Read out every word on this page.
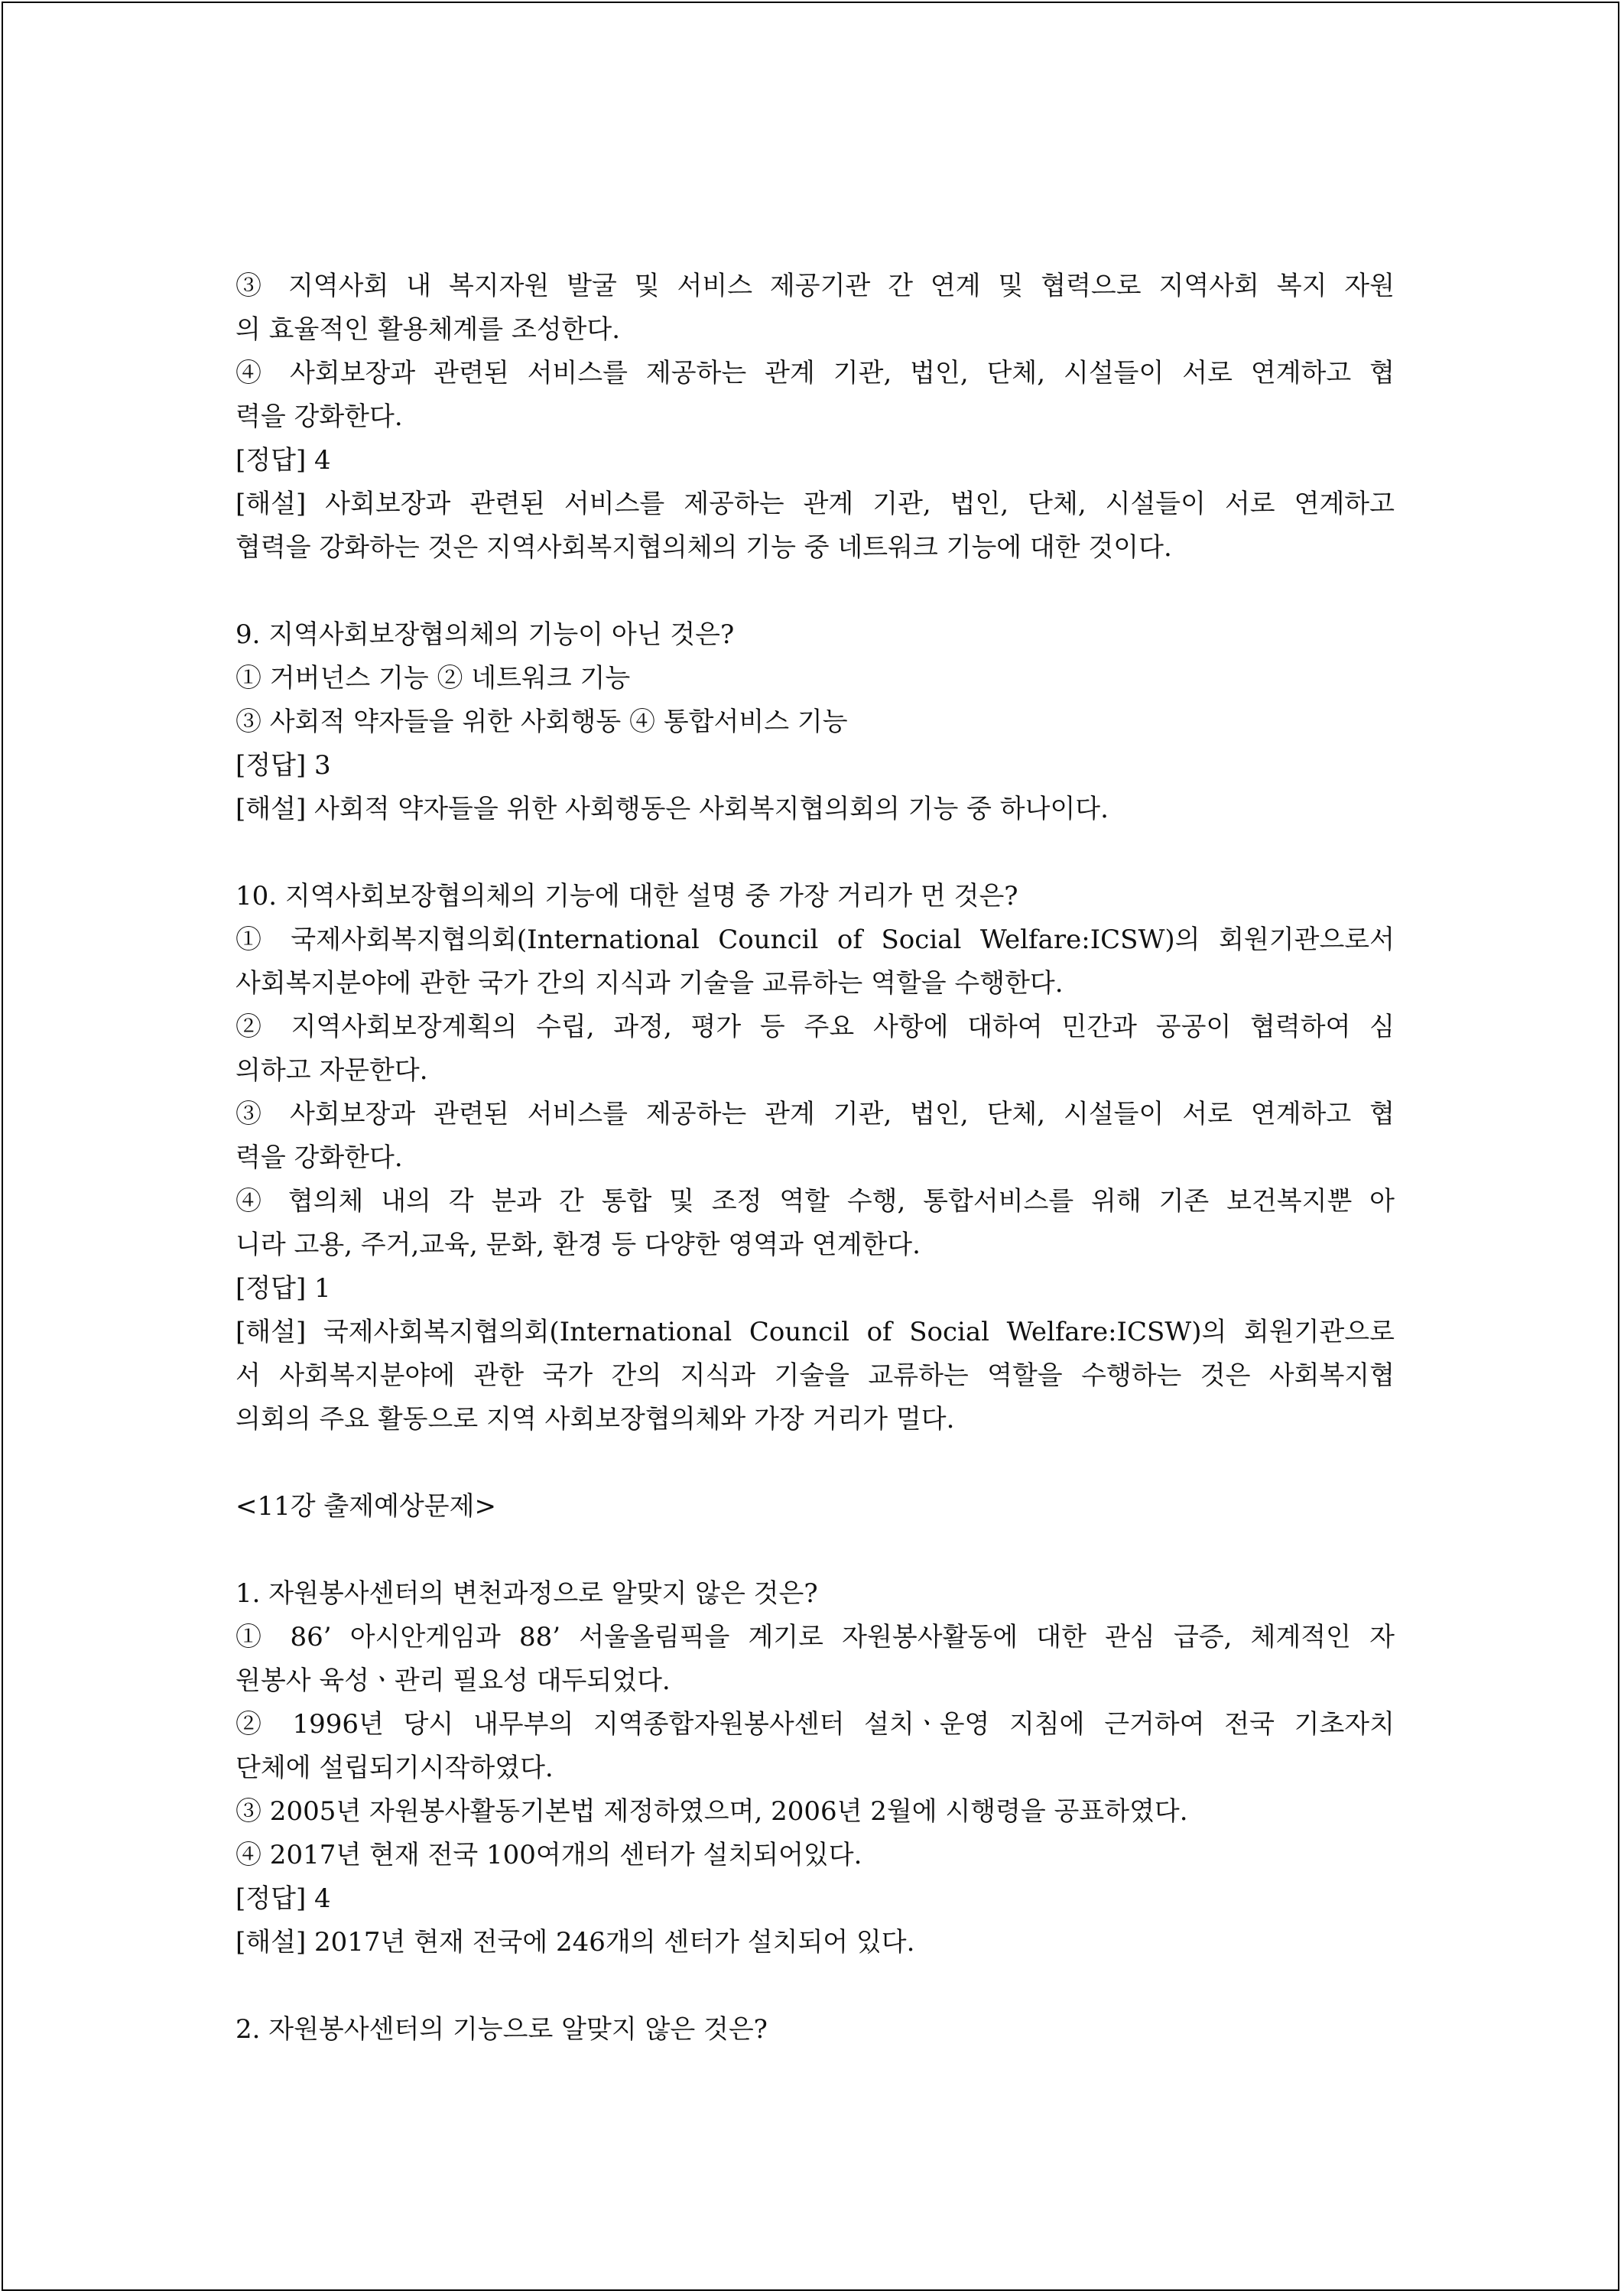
③ 지역사회 내 복지자원 발굴 및 서비스 제공기관 간 연계 및 협력으로 지역사회 복지 자원
의 효율적인 활용체계를 조성한다.
④ 사회보장과 관련된 서비스를 제공하는 관계 기관, 법인, 단체, 시설들이 서로 연계하고 협
력을 강화한다.
[정답] 4
[해설] 사회보장과 관련된 서비스를 제공하는 관계 기관, 법인, 단체, 시설들이 서로 연계하고
협력을 강화하는 것은 지역사회복지협의체의 기능 중 네트워크 기능에 대한 것이다.
9. 지역사회보장협의체의 기능이 아닌 것은?
① 거버넌스 기능 ② 네트워크 기능
③ 사회적 약자들을 위한 사회행동 ④ 통합서비스 기능
[정답] 3
[해설] 사회적 약자들을 위한 사회행동은 사회복지협의회의 기능 중 하나이다.
10. 지역사회보장협의체의 기능에 대한 설명 중 가장 거리가 먼 것은?
① 국제사회복지협의회(International Council of Social Welfare:ICSW)의 회원기관으로서
사회복지분야에 관한 국가 간의 지식과 기술을 교류하는 역할을 수행한다.
② 지역사회보장계획의 수립, 과정, 평가 등 주요 사항에 대하여 민간과 공공이 협력하여 심
의하고 자문한다.
③ 사회보장과 관련된 서비스를 제공하는 관계 기관, 법인, 단체, 시설들이 서로 연계하고 협
력을 강화한다.
④ 협의체 내의 각 분과 간 통합 및 조정 역할 수행, 통합서비스를 위해 기존 보건복지뿐 아
니라 고용, 주거,교육, 문화, 환경 등 다양한 영역과 연계한다.
[정답] 1
[해설] 국제사회복지협의회(International Council of Social Welfare:ICSW)의 회원기관으로
서 사회복지분야에 관한 국가 간의 지식과 기술을 교류하는 역할을 수행하는 것은 사회복지협
의회의 주요 활동으로 지역 사회보장협의체와 가장 거리가 멀다.
<11강 출제예상문제>
1. 자원봉사센터의 변천과정으로 알맞지 않은 것은?
① 86’ 아시안게임과 88’ 서울올림픽을 계기로 자원봉사활동에 대한 관심 급증, 체계적인 자
원봉사 육성ㆍ관리 필요성 대두되었다.
② 1996년 당시 내무부의 지역종합자원봉사센터 설치ㆍ운영 지침에 근거하여 전국 기초자치
단체에 설립되기시작하였다.
③ 2005년 자원봉사활동기본법 제정하였으며, 2006년 2월에 시행령을 공표하였다.
④ 2017년 현재 전국 100여개의 센터가 설치되어있다.
[정답] 4
[해설] 2017년 현재 전국에 246개의 센터가 설치되어 있다.
2. 자원봉사센터의 기능으로 알맞지 않은 것은?
